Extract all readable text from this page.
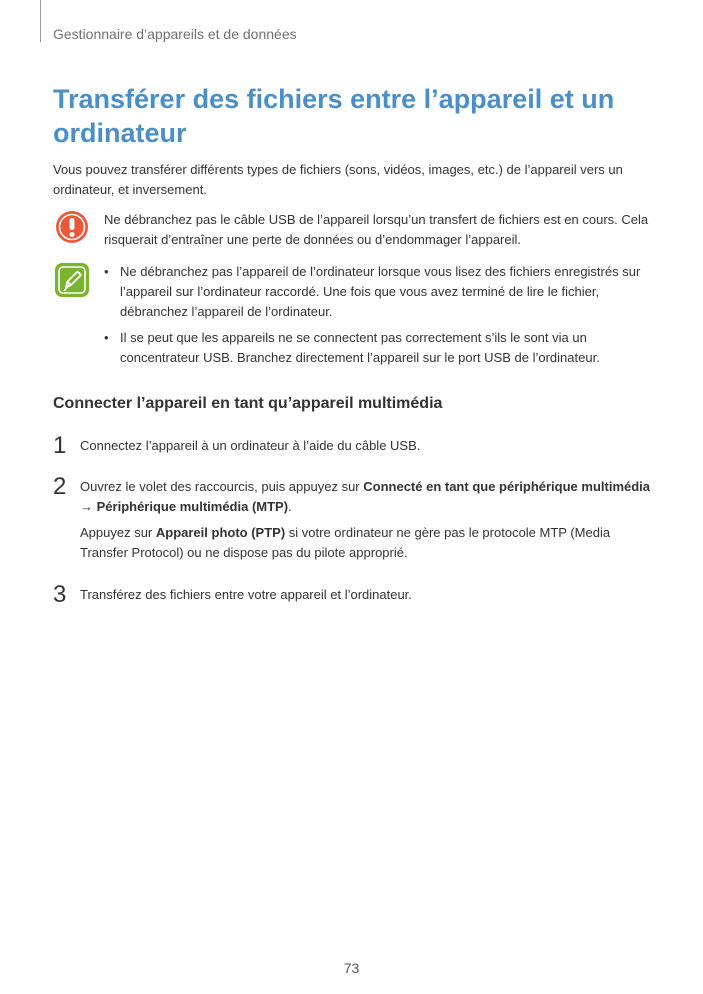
Gestionnaire d’appareils et de données
Transférer des fichiers entre l’appareil et un ordinateur
Vous pouvez transférer différents types de fichiers (sons, vidéos, images, etc.) de l’appareil vers un ordinateur, et inversement.
Ne débranchez pas le câble USB de l’appareil lorsqu’un transfert de fichiers est en cours. Cela risquerait d’entraîner une perte de données ou d’endommager l’appareil.
• Ne débranchez pas l’appareil de l’ordinateur lorsque vous lisez des fichiers enregistrés sur l’appareil sur l’ordinateur raccordé. Une fois que vous avez terminé de lire le fichier, débranchez l’appareil de l’ordinateur.
• Il se peut que les appareils ne se connectent pas correctement s’ils le sont via un concentrateur USB. Branchez directement l’appareil sur le port USB de l’ordinateur.
Connecter l’appareil en tant qu’appareil multimédia
1 Connectez l’appareil à un ordinateur à l’aide du câble USB.
2 Ouvrez le volet des raccourcis, puis appuyez sur Connecté en tant que périphérique multimédia → Périphérique multimédia (MTP).
Appuyez sur Appareil photo (PTP) si votre ordinateur ne gère pas le protocole MTP (Media Transfer Protocol) ou ne dispose pas du pilote approprié.
3 Transférez des fichiers entre votre appareil et l’ordinateur.
73
